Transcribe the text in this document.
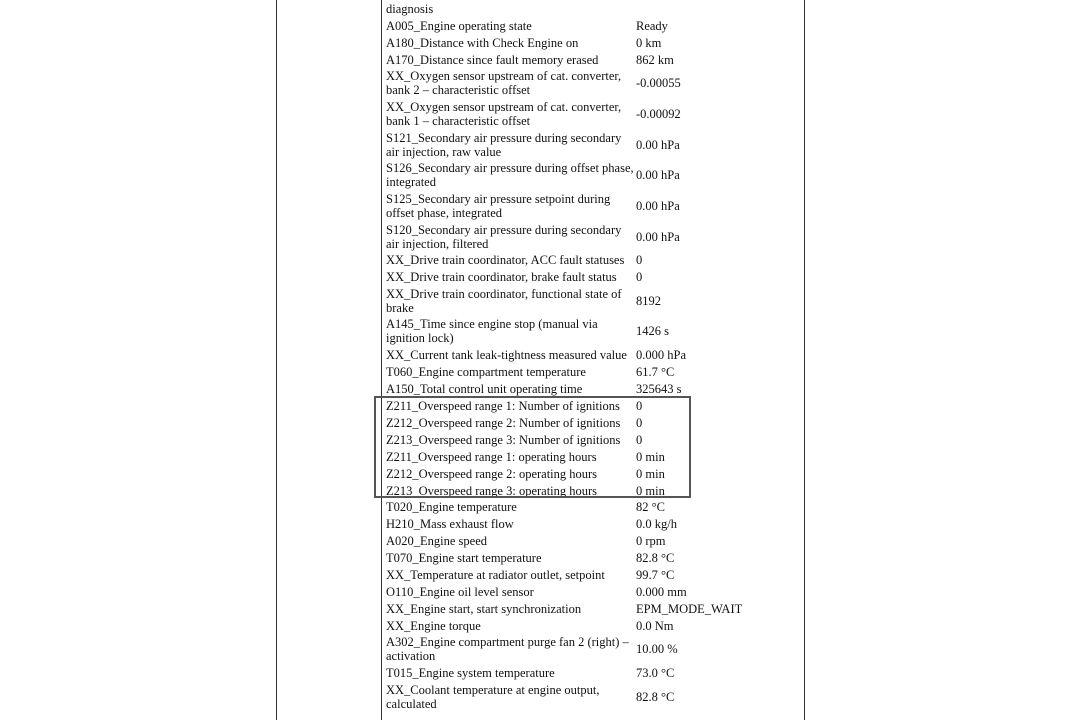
diagnosis
A005_Engine operating state	Ready
A180_Distance with Check Engine on	0 km
A170_Distance since fault memory erased	862 km
XX_Oxygen sensor upstream of cat. converter,
bank 2 – characteristic offset	-0.00055
XX_Oxygen sensor upstream of cat. converter,
bank 1 – characteristic offset	-0.00092
S121_Secondary air pressure during secondary
air injection, raw value	0.00 hPa
S126_Secondary air pressure during offset phase,
integrated	0.00 hPa
S125_Secondary air pressure setpoint during
offset phase, integrated	0.00 hPa
S120_Secondary air pressure during secondary
air injection, filtered	0.00 hPa
XX_Drive train coordinator, ACC fault statuses 0
XX_Drive train coordinator, brake fault status	0
XX_Drive train coordinator, functional state of
brake	8192
A145_Time since engine stop (manual via
ignition lock)	1426 s
XX_Current tank leak-tightness measured value 0.000 hPa
T060_Engine compartment temperature	61.7 °C
A150_Total control unit operating time	325643 s
Z211_Overspeed range 1: Number of ignitions	0
Z212_Overspeed range 2: Number of ignitions	0
Z213_Overspeed range 3: Number of ignitions	0
Z211_Overspeed range 1: operating hours	0 min
Z212_Overspeed range 2: operating hours	0 min
Z213_Overspeed range 3: operating hours	0 min
T020_Engine temperature	82 °C
H210_Mass exhaust flow	0.0 kg/h
A020_Engine speed	0 rpm
T070_Engine start temperature	82.8 °C
XX_Temperature at radiator outlet, setpoint	99.7 °C
O110_Engine oil level sensor	0.000 mm
XX_Engine start, start synchronization	EPM_MODE_WAIT
XX_Engine torque	0.0 Nm
A302_Engine compartment purge fan 2 (right) –
activation	10.00 %
T015_Engine system temperature	73.0 °C
XX_Coolant temperature at engine output,
calculated	82.8 °C
